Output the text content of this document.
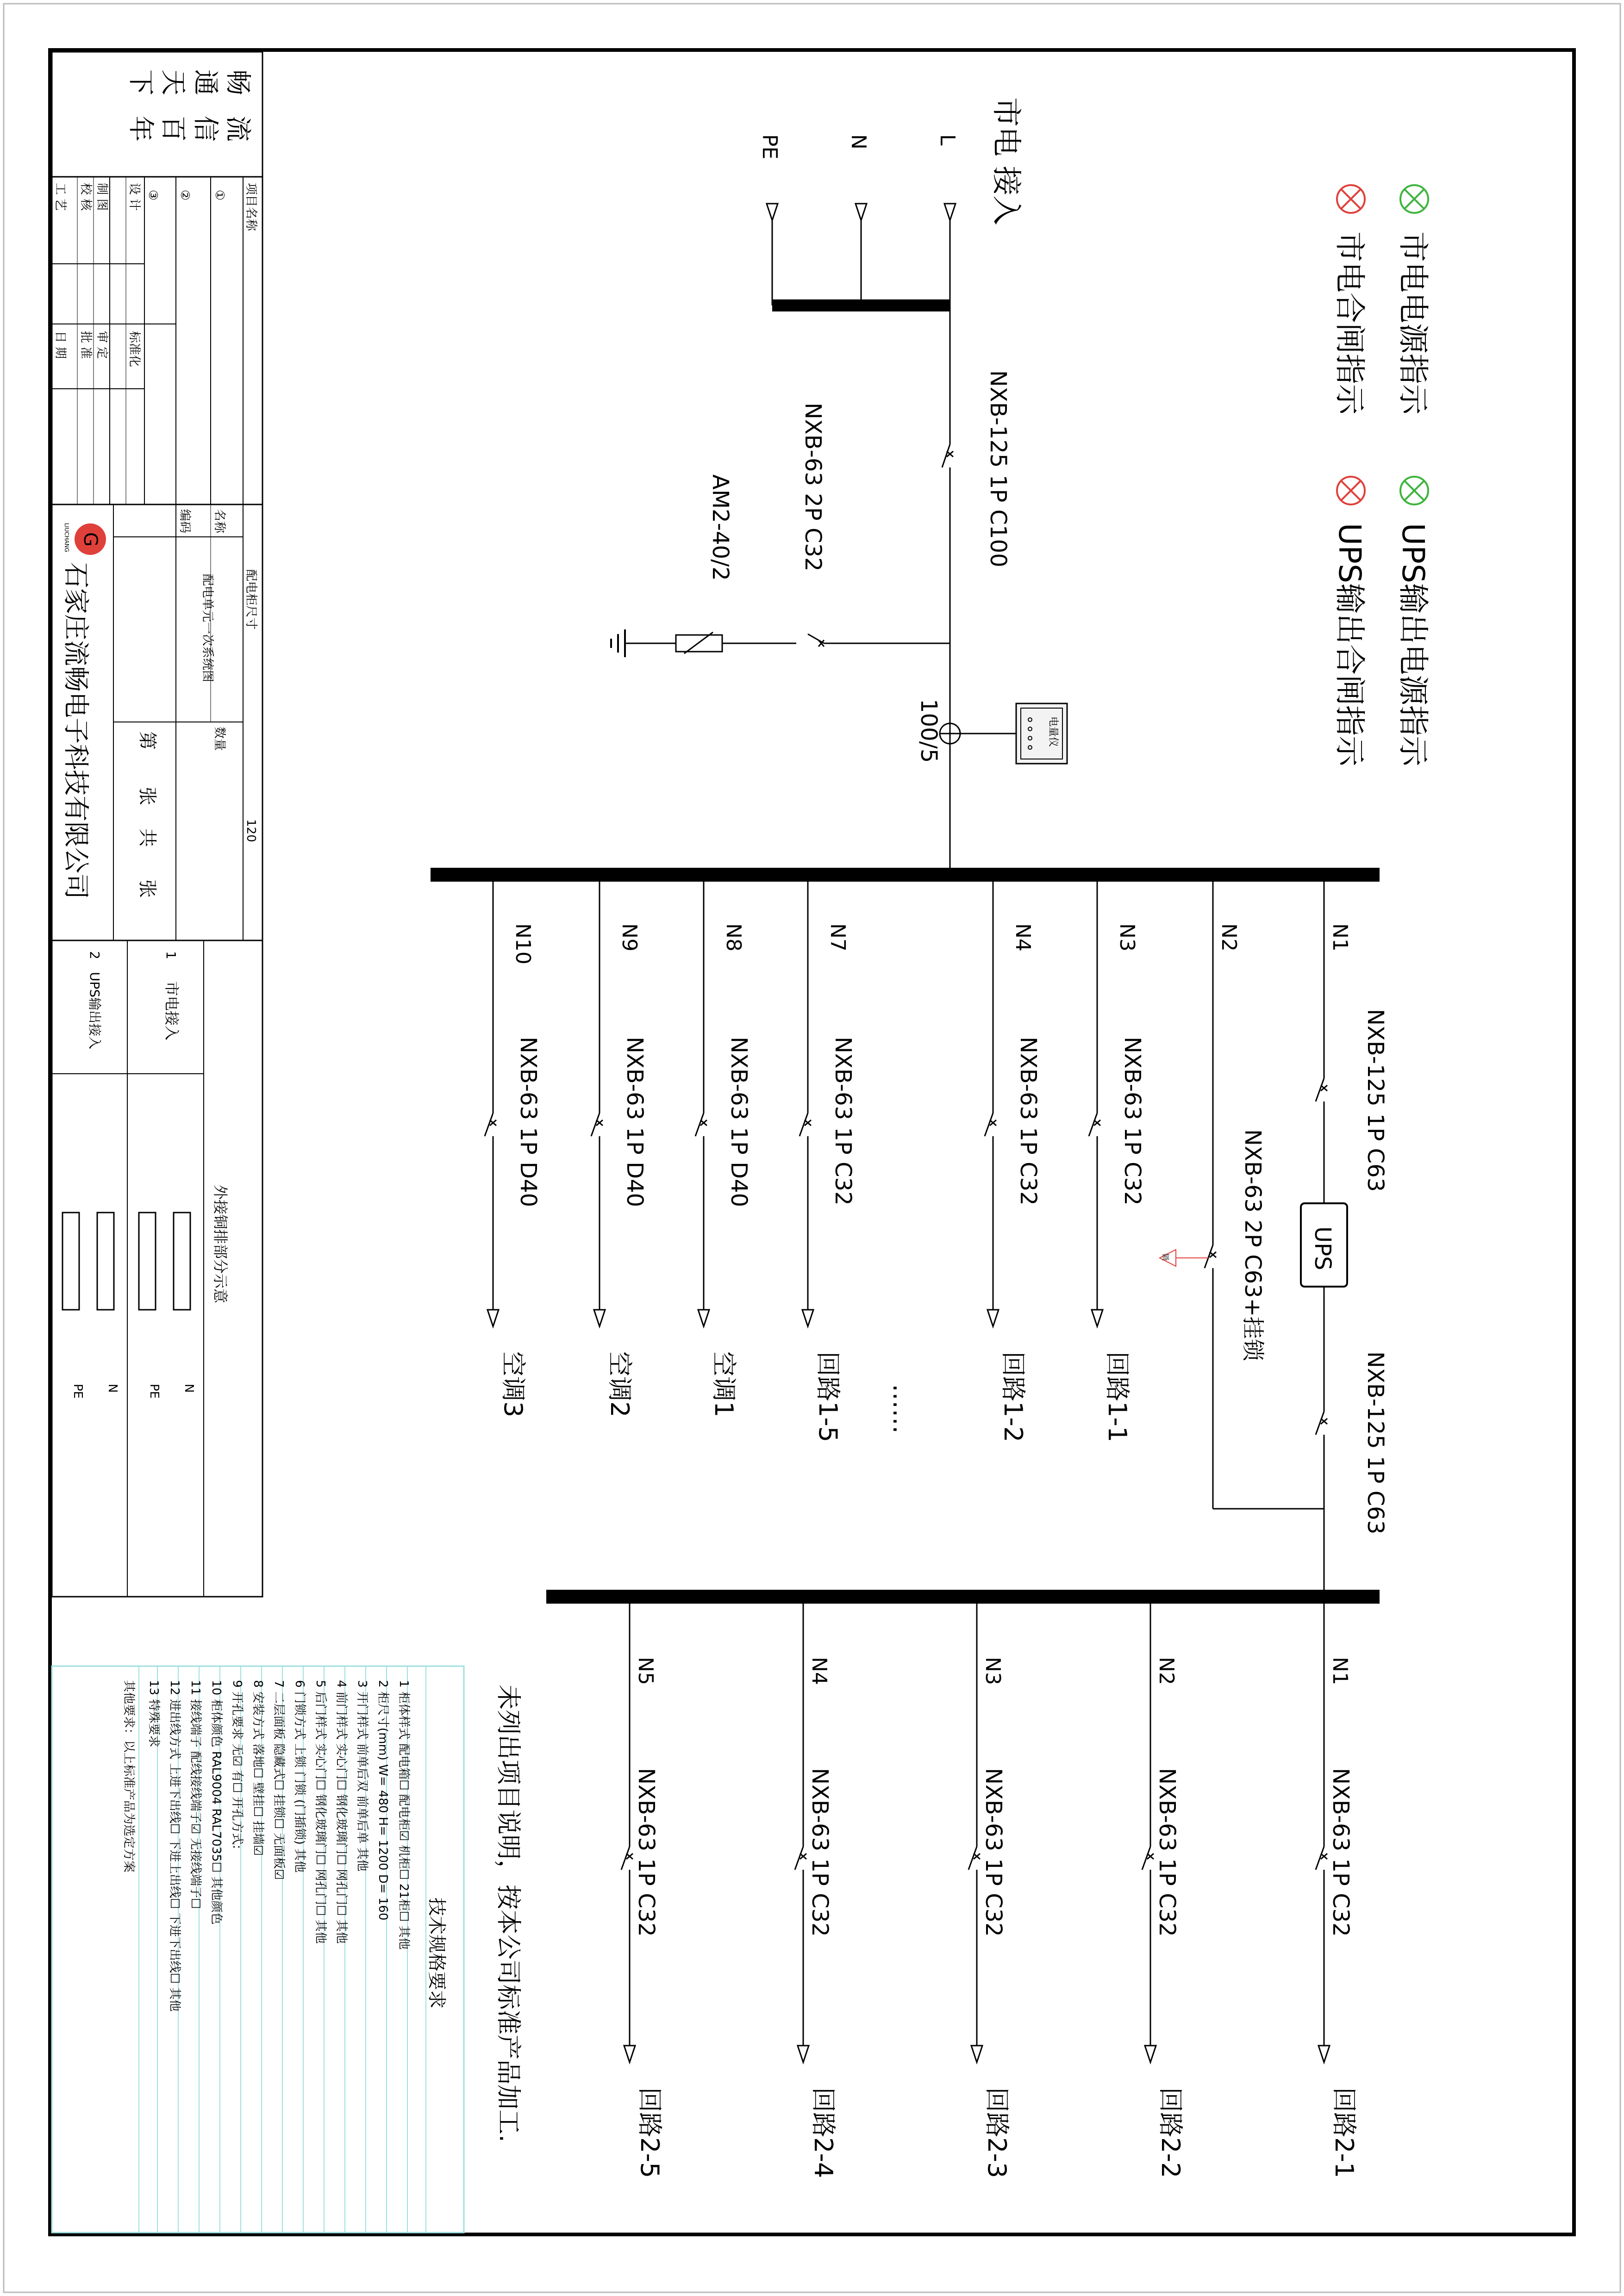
市电电源指示
市电合闸指示
UPS输出电源指示
UPS输出合闸指示
市电 接入
L
N
PE
NXB-125 1P C100
NXB-63 2P C32
AM2-40/2
电量仪
100/5
UPS
NXB-125 1P C63
NXB-125 1P C63
锁	NXB-63 2P C63+挂锁
N1
N2
N3
N4
N7
N8
N9
N10
NXB-63 1P C32
回路1-1
NXB-63 1P C32
回路1-2
……
NXB-63 1P C32
回路1-5
NXB-63 1P D40
空调1
NXB-63 1P D40
空调2
NXB-63 1P D40
空调3
N1
NXB-63 1P C32
回路2-1
N2
NXB-63 1P C32
回路2-2
N3
NXB-63 1P C32
回路2-3
N4
NXB-63 1P C32
回路2-4
N5
NXB-63 1P C32
回路2-5
未列出项目说明，按本公司标准产品加工.
技术规格要求
1 柜体样式 配电箱☐ 配电柜☑ 机柜☐ 21柜☐ 其他
2 柜尺寸(mm) W= 480 H= 1200 D= 160
3 开门样式 前单后双 前单后单 其他
4 前门样式 实心门☐ 钢化玻璃门☐ 网孔门☐ 其他
5 后门样式 实心门☐ 钢化玻璃门☐ 网孔门☐ 其他
6 门锁方式 上锁 门锁 (门插锁) 其他
7 二层面板 隐藏式☐ 挂锁☐ 无面板☑
8 安装方式 落地☐ 壁挂☐ 挂墙☑
9 开孔要求 无☑ 有☐ 开孔方式:
10 柜体颜色 RAL9004 RAL7035☐ 其他颜色
11 接线端子 配线接线端子☑ 无接线端子☐
12 进出线方式 上进下出线☐ 下进上出线☐ 下进下出线☐ 其他
13 特殊要求
其他要求：以上标准产品为选定方案
畅
流
通
信
天
百
下
年
项目名称
①
②
③
设 计
制 图
校 核
工 艺
标准化
审 定
批 准
日 期
配电柜尺寸
120
名称
配电单元一次系统图
编码
数量
第
张
共
张
G
LIUCHANG
石家庄流畅电子科技有限公司
外接铜排部分示意
1
市电接入
2
UPS输出接入
N
PE
N
PE
